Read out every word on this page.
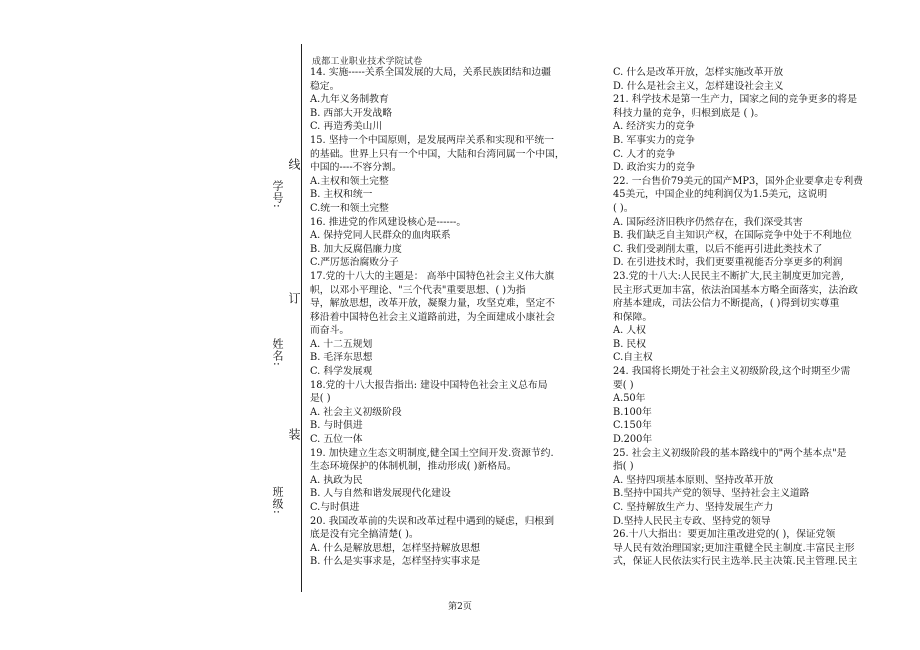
成都工业职业技术学院试卷
线
订
装
学号:
姓名:
班级:
14. 实施-----关系全国发展的大局，关系民族团结和边疆
稳定。
A.九年义务制教育
B. 西部大开发战略
C. 再造秀美山川
15. 坚持一个中国原则，是发展两岸关系和实现和平统一
的基础。世界上只有一个中国，大陆和台湾同属一个中国，
中国的----不容分割。
A.主权和领土完整
B. 主权和统一
C.统一和领土完整
16. 推进党的作风建设核心是------。
A. 保持党同人民群众的血肉联系
B. 加大反腐倡廉力度
C.严厉惩治腐败分子
17.党的十八大的主题是： 高举中国特色社会主义伟大旗
帜，以邓小平理论、"三个代表"重要思想、( )为指
导，解放思想，改革开放，凝聚力量，攻坚克难，坚定不
移沿着中国特色社会主义道路前进，为全面建成小康社会
而奋斗。
A. 十二五规划
B. 毛泽东思想
C. 科学发展观
18.党的十八大报告指出: 建设中国特色社会主义总布局
是( )
A. 社会主义初级阶段
B. 与时俱进
C. 五位一体
19. 加快建立生态文明制度,健全国土空间开发.资源节约.
生态环境保护的体制机制，推动形成( )新格局。
A. 执政为民
B. 人与自然和谐发展现代化建设
C.与时俱进
20. 我国改革前的失误和改革过程中遇到的疑虑，归根到
底是没有完全搞清楚( )。
A. 什么是解放思想，怎样坚持解放思想
B. 什么是实事求是，怎样坚持实事求是
C. 什么是改革开放，怎样实施改革开放
D. 什么是社会主义，怎样建设社会主义
21. 科学技术是第一生产力，国家之间的竞争更多的将是
科技力量的竞争，归根到底是 ( )。
A. 经济实力的竞争
B. 军事实力的竞争
C. 人才的竞争
D. 政治实力的竞争
22. 一台售价79美元的国产MP3，国外企业要拿走专利费
45美元，中国企业的纯利润仅为1.5美元，这说明
( )。
A. 国际经济旧秩序仍然存在，我们深受其害
B. 我们缺乏自主知识产权，在国际竞争中处于不利地位
C. 我们受剥削太重，以后不能再引进此类技术了
D. 在引进技术时，我们更要重视能否分享更多的利润
23.党的十八大:人民民主不断扩大,民主制度更加完善,
民主形式更加丰富，依法治国基本方略全面落实，法治政
府基本建成，司法公信力不断提高，( )得到切实尊重
和保障。
A. 人权
B. 民权
C.自主权
24. 我国将长期处于社会主义初级阶段,这个时期至少需
要( )
A.50年
B.100年
C.150年
D.200年
25. 社会主义初级阶段的基本路线中的"两个基本点"是
指( )
A. 坚持四项基本原则、坚持改革开放
B.坚持中国共产党的领导、坚持社会主义道路
C. 坚持解放生产力、坚持发展生产力
D.坚持人民民主专政、坚持党的领导
26.十八大指出：要更加注重改进党的( )，保证党领
导人民有效治理国家;更加注重健全民主制度.丰富民主形
式，保证人民依法实行民主选举.民主决策.民主管理.民主
第2页
